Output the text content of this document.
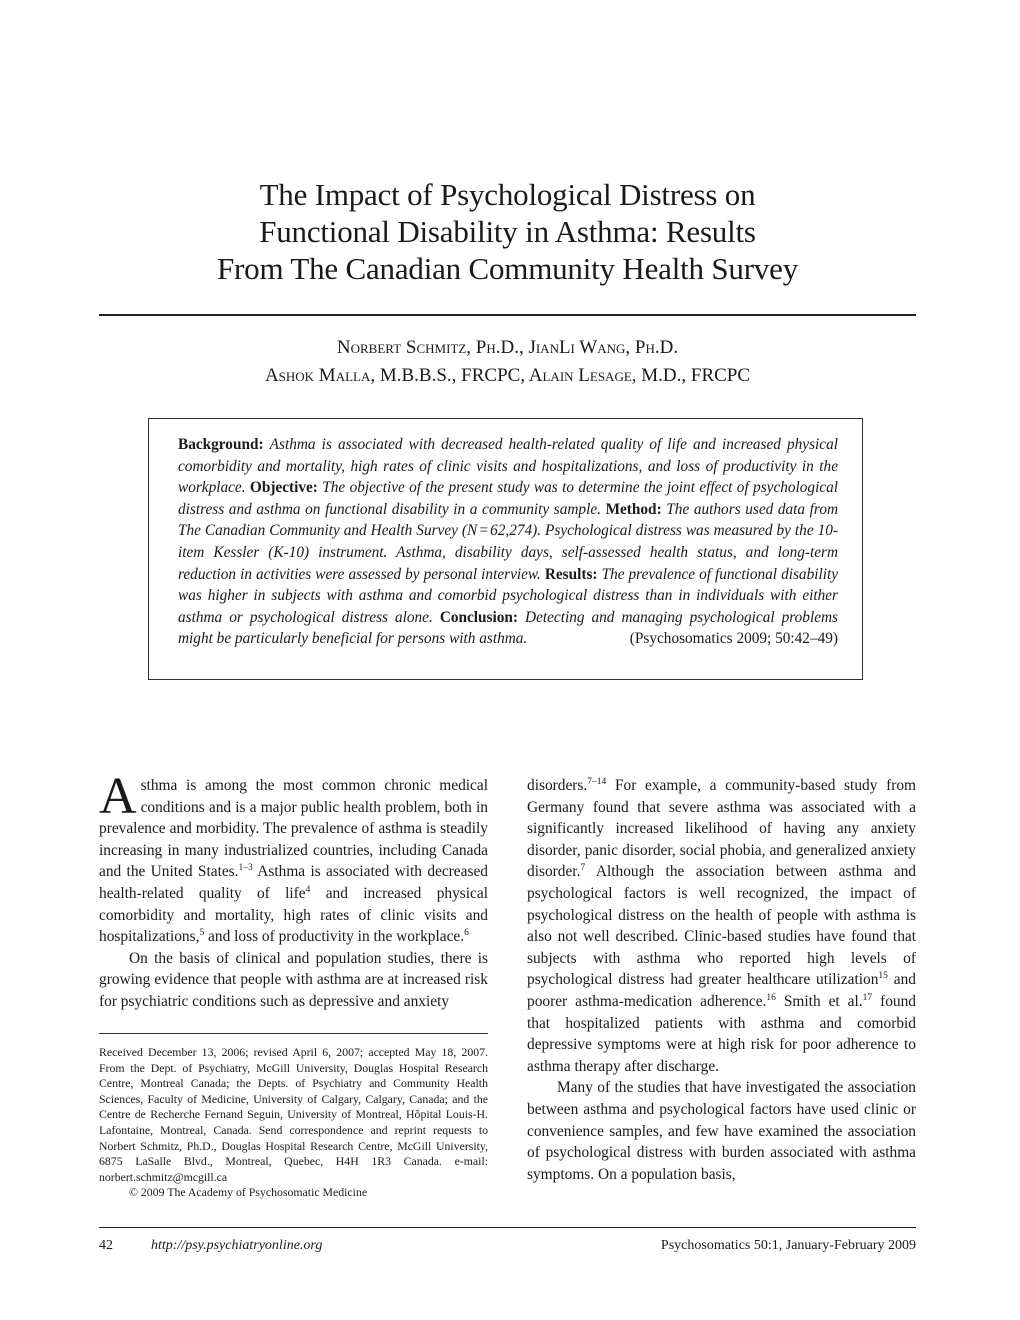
The Impact of Psychological Distress on
Functional Disability in Asthma: Results
From The Canadian Community Health Survey
Norbert Schmitz, Ph.D., JianLi Wang, Ph.D.
Ashok Malla, M.B.B.S., FRCPC, Alain Lesage, M.D., FRCPC
Background: Asthma is associated with decreased health-related quality of life and increased physical comorbidity and mortality, high rates of clinic visits and hospitalizations, and loss of productivity in the workplace. Objective: The objective of the present study was to determine the joint effect of psychological distress and asthma on functional disability in a community sample. Method: The authors used data from The Canadian Community and Health Survey (N = 62,274). Psychological distress was measured by the 10-item Kessler (K-10) instrument. Asthma, disability days, self-assessed health status, and long-term reduction in activities were assessed by personal interview. Results: The prevalence of functional disability was higher in subjects with asthma and comorbid psychological distress than in individuals with either asthma or psychological distress alone. Conclusion: Detecting and managing psychological problems might be particularly beneficial for persons with asthma.	(Psychosomatics 2009; 50:42–49)

Asthma is among the most common chronic medical conditions and is a major public health problem, both in prevalence and morbidity. The prevalence of asthma is steadily increasing in many industrialized countries, including Canada and the United States.$^{1-3}$ Asthma is associated with decreased health-related quality of life$^4$ and increased physical comorbidity and mortality, high rates of clinic visits and hospitalizations,$^5$ and loss of productivity in the workplace.$^6$

On the basis of clinical and population studies, there is growing evidence that people with asthma are at increased risk for psychiatric conditions such as depressive and anxiety

disorders.$^{7-14}$ For example, a community-based study from Germany found that severe asthma was associated with a significantly increased likelihood of having any anxiety disorder, panic disorder, social phobia, and generalized anxiety disorder.$^7$ Although the association between asthma and psychological factors is well recognized, the impact of psychological distress on the health of people with asthma is also not well described. Clinic-based studies have found that subjects with asthma who reported high levels of psychological distress had greater healthcare utilization$^{15}$ and poorer asthma-medication adherence.$^{16}$ Smith et al.$^{17}$ found that hospitalized patients with asthma and comorbid depressive symptoms were at high risk for poor adherence to asthma therapy after discharge.

Many of the studies that have investigated the association between asthma and psychological factors have used clinic or convenience samples, and few have examined the association of psychological distress with burden associated with asthma symptoms. On a population basis,

Received December 13, 2006; revised April 6, 2007; accepted May 18, 2007. From the Dept. of Psychiatry, McGill University, Douglas Hospital Research Centre, Montreal Canada; the Depts. of Psychiatry and Community Health Sciences, Faculty of Medicine, University of Calgary, Calgary, Canada; and the Centre de Recherche Fernand Seguin, University of Montreal, Hôpital Louis-H. Lafontaine, Montreal, Canada. Send correspondence and reprint requests to Norbert Schmitz, Ph.D., Douglas Hospital Research Centre, McGill University, 6875 LaSalle Blvd., Montreal, Quebec, H4H 1R3 Canada. e-mail: norbert.schmitz@mcgill.ca
© 2009 The Academy of Psychosomatic Medicine
42	http://psy.psychiatryonline.org	Psychosomatics 50:1, January-February 2009
